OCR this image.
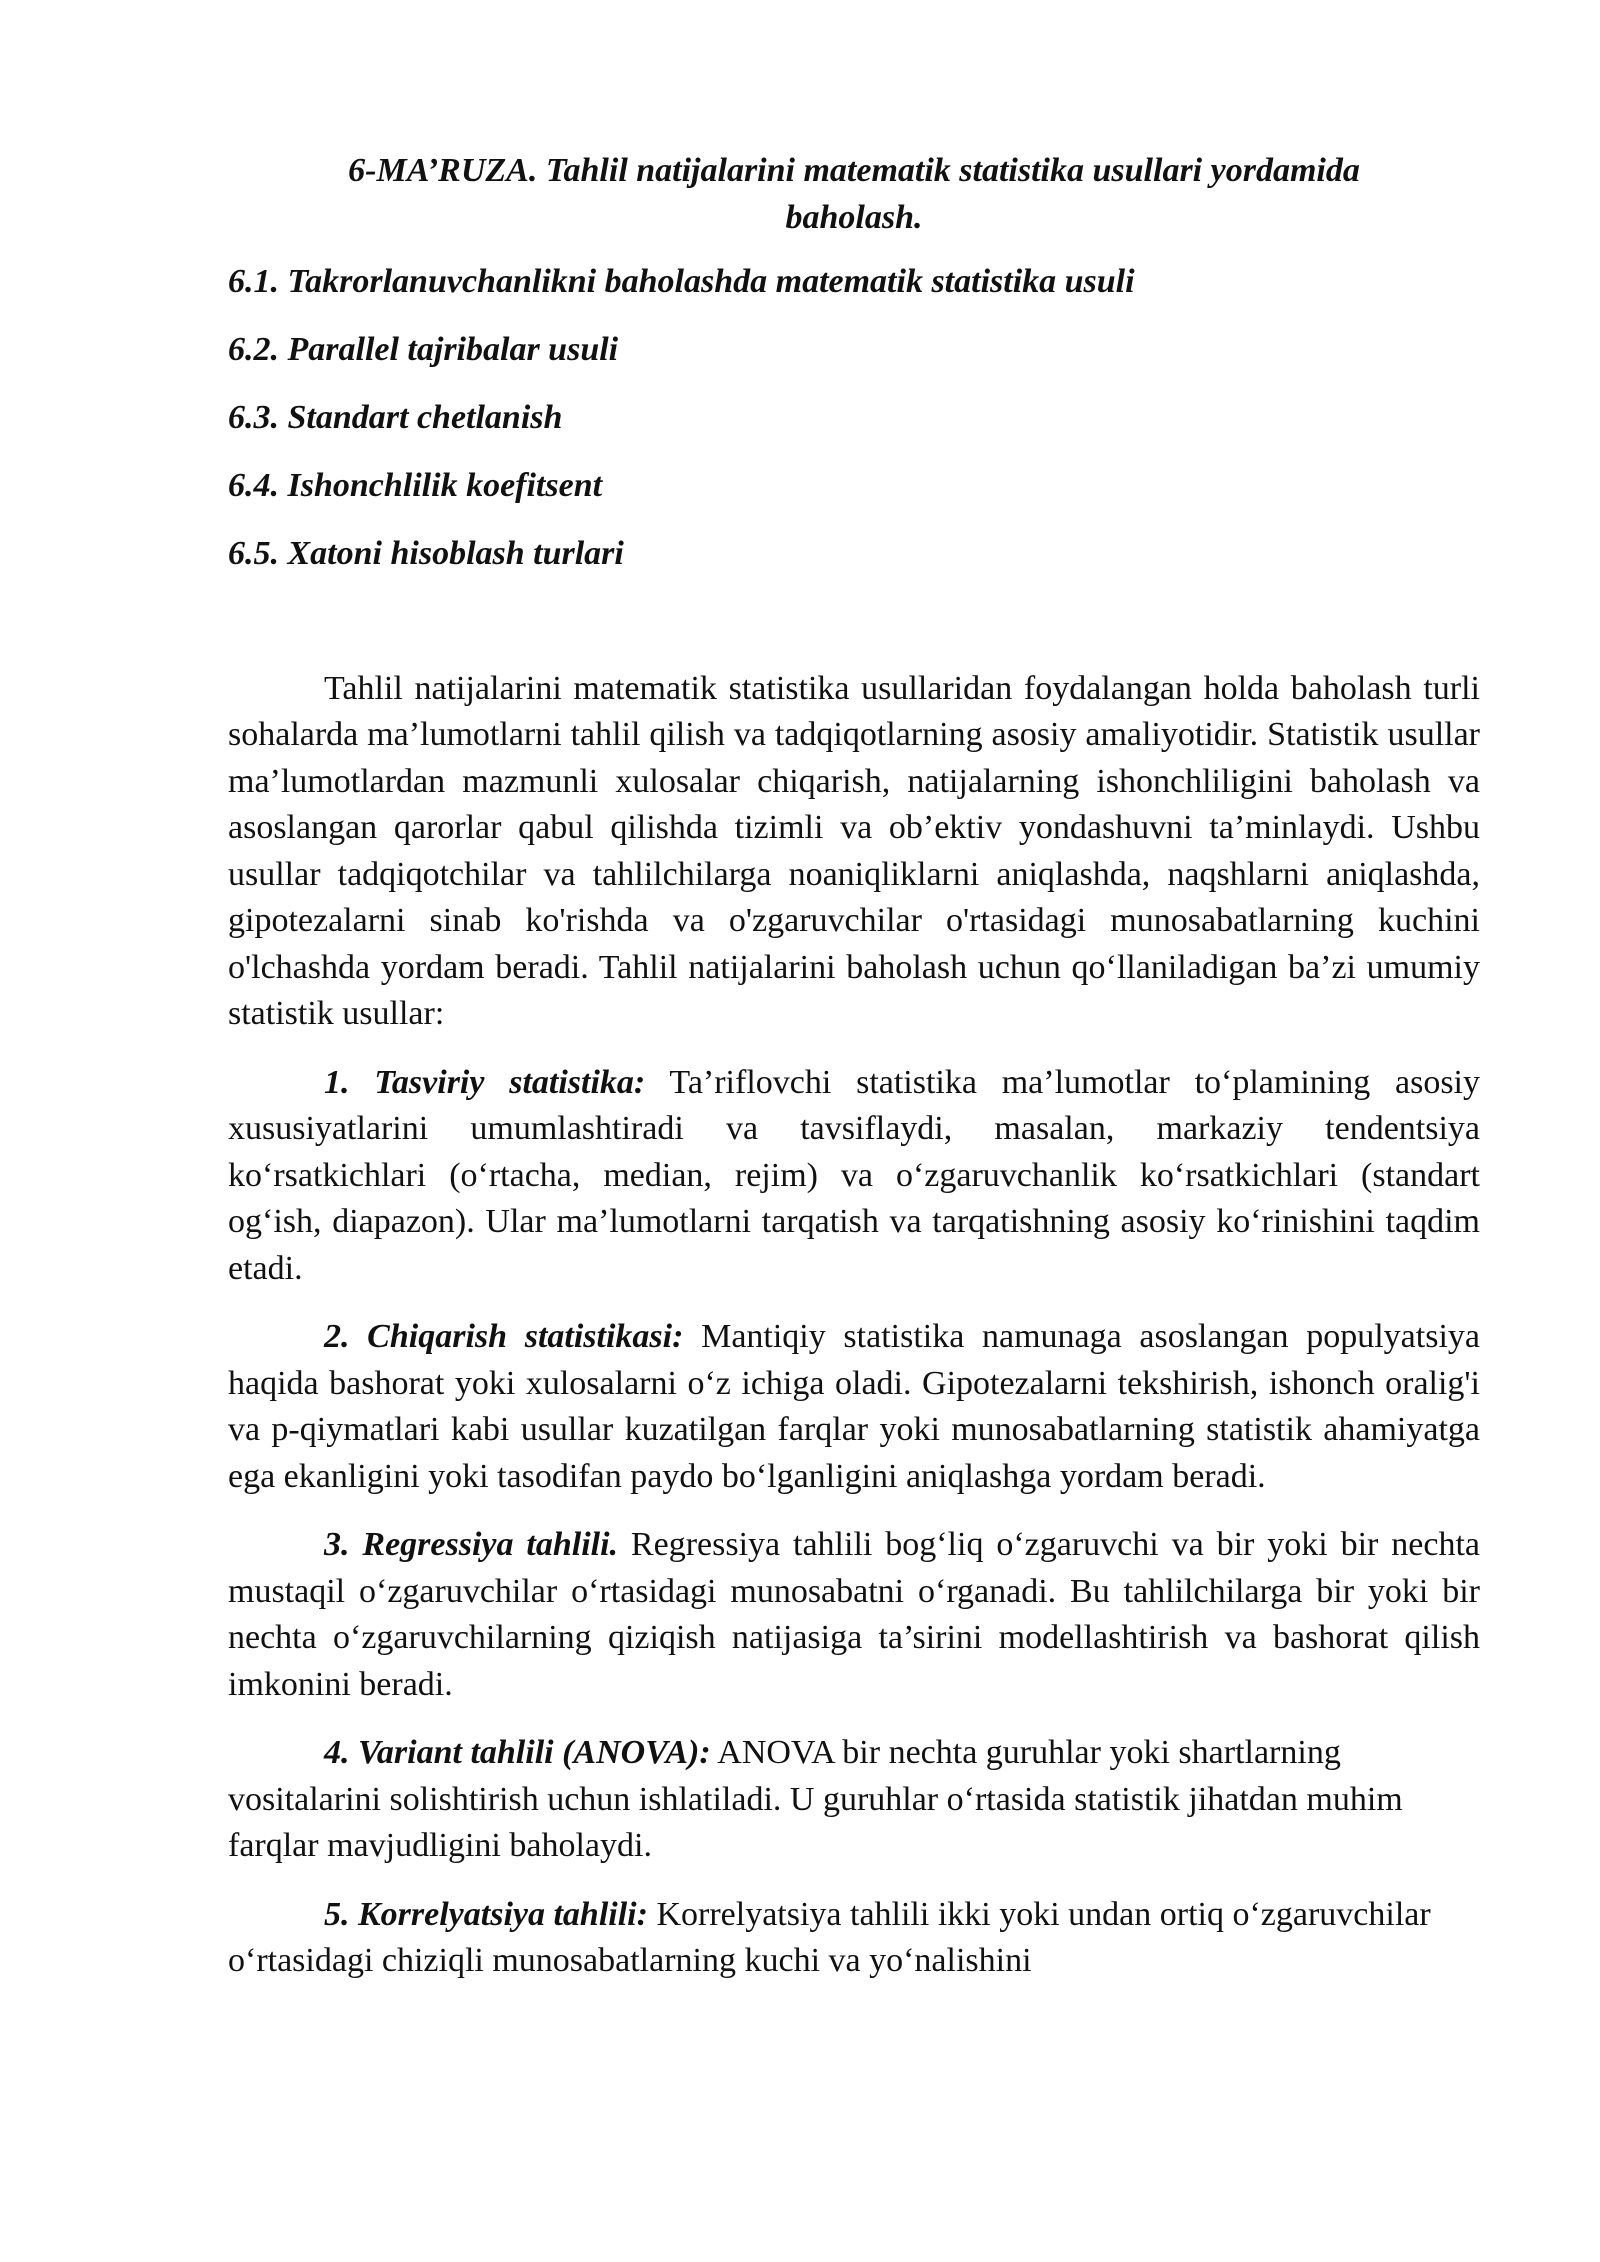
6-MA’RUZA. Tahlil natijalarini matematik statistika usullari yordamida baholash.

6.1. Takrorlanuvchanlikni baholashda matematik statistika usuli
6.2. Parallel tajribalar usuli
6.3. Standart chetlanish
6.4. Ishonchlilik koefitsent
6.5. Xatoni hisoblash turlari

Tahlil natijalarini matematik statistika usullaridan foydalangan holda baholash turli sohalarda ma’lumotlarni tahlil qilish va tadqiqotlarning asosiy amaliyotidir. Statistik usullar ma’lumotlardan mazmunli xulosalar chiqarish, natijalarning ishonchliligini baholash va asoslangan qarorlar qabul qilishda tizimli va ob’ektiv yondashuvni ta’minlaydi. Ushbu usullar tadqiqotchilar va tahlilchilarga noaniqliklarni aniqlashda, naqshlarni aniqlashda, gipotezalarni sinab ko'rishda va o'zgaruvchilar o'rtasidagi munosabatlarning kuchini o'lchashda yordam beradi. Tahlil natijalarini baholash uchun qo‘llaniladigan ba’zi umumiy statistik usullar:

1. Tasviriy statistika: Ta’riflovchi statistika ma’lumotlar to‘plamining asosiy xususiyatlarini umumlashtiradi va tavsiflaydi, masalan, markaziy tendentsiya ko‘rsatkichlari (o‘rtacha, median, rejim) va o‘zgaruvchanlik ko‘rsatkichlari (standart og‘ish, diapazon). Ular ma’lumotlarni tarqatish va tarqatishning asosiy ko‘rinishini taqdim etadi.

2. Chiqarish statistikasi: Mantiqiy statistika namunaga asoslangan populyatsiya haqida bashorat yoki xulosalarni o‘z ichiga oladi. Gipotezalarni tekshirish, ishonch oralig'i va p-qiymatlari kabi usullar kuzatilgan farqlar yoki munosabatlarning statistik ahamiyatga ega ekanligini yoki tasodifan paydo bo‘lganligini aniqlashga yordam beradi.

3. Regressiya tahlili. Regressiya tahlili bog‘liq o‘zgaruvchi va bir yoki bir nechta mustaqil o‘zgaruvchilar o‘rtasidagi munosabatni o‘rganadi. Bu tahlilchilarga bir yoki bir nechta o‘zgaruvchilarning qiziqish natijasiga ta’sirini modellashtirish va bashorat qilish imkonini beradi.

4. Variant tahlili (ANOVA): ANOVA bir nechta guruhlar yoki shartlarning vositalarini solishtirish uchun ishlatiladi. U guruhlar o‘rtasida statistik jihatdan muhim farqlar mavjudligini baholaydi.

5. Korrelyatsiya tahlili: Korrelyatsiya tahlili ikki yoki undan ortiq o‘zgaruvchilar o‘rtasidagi chiziqli munosabatlarning kuchi va yo‘nalishini
